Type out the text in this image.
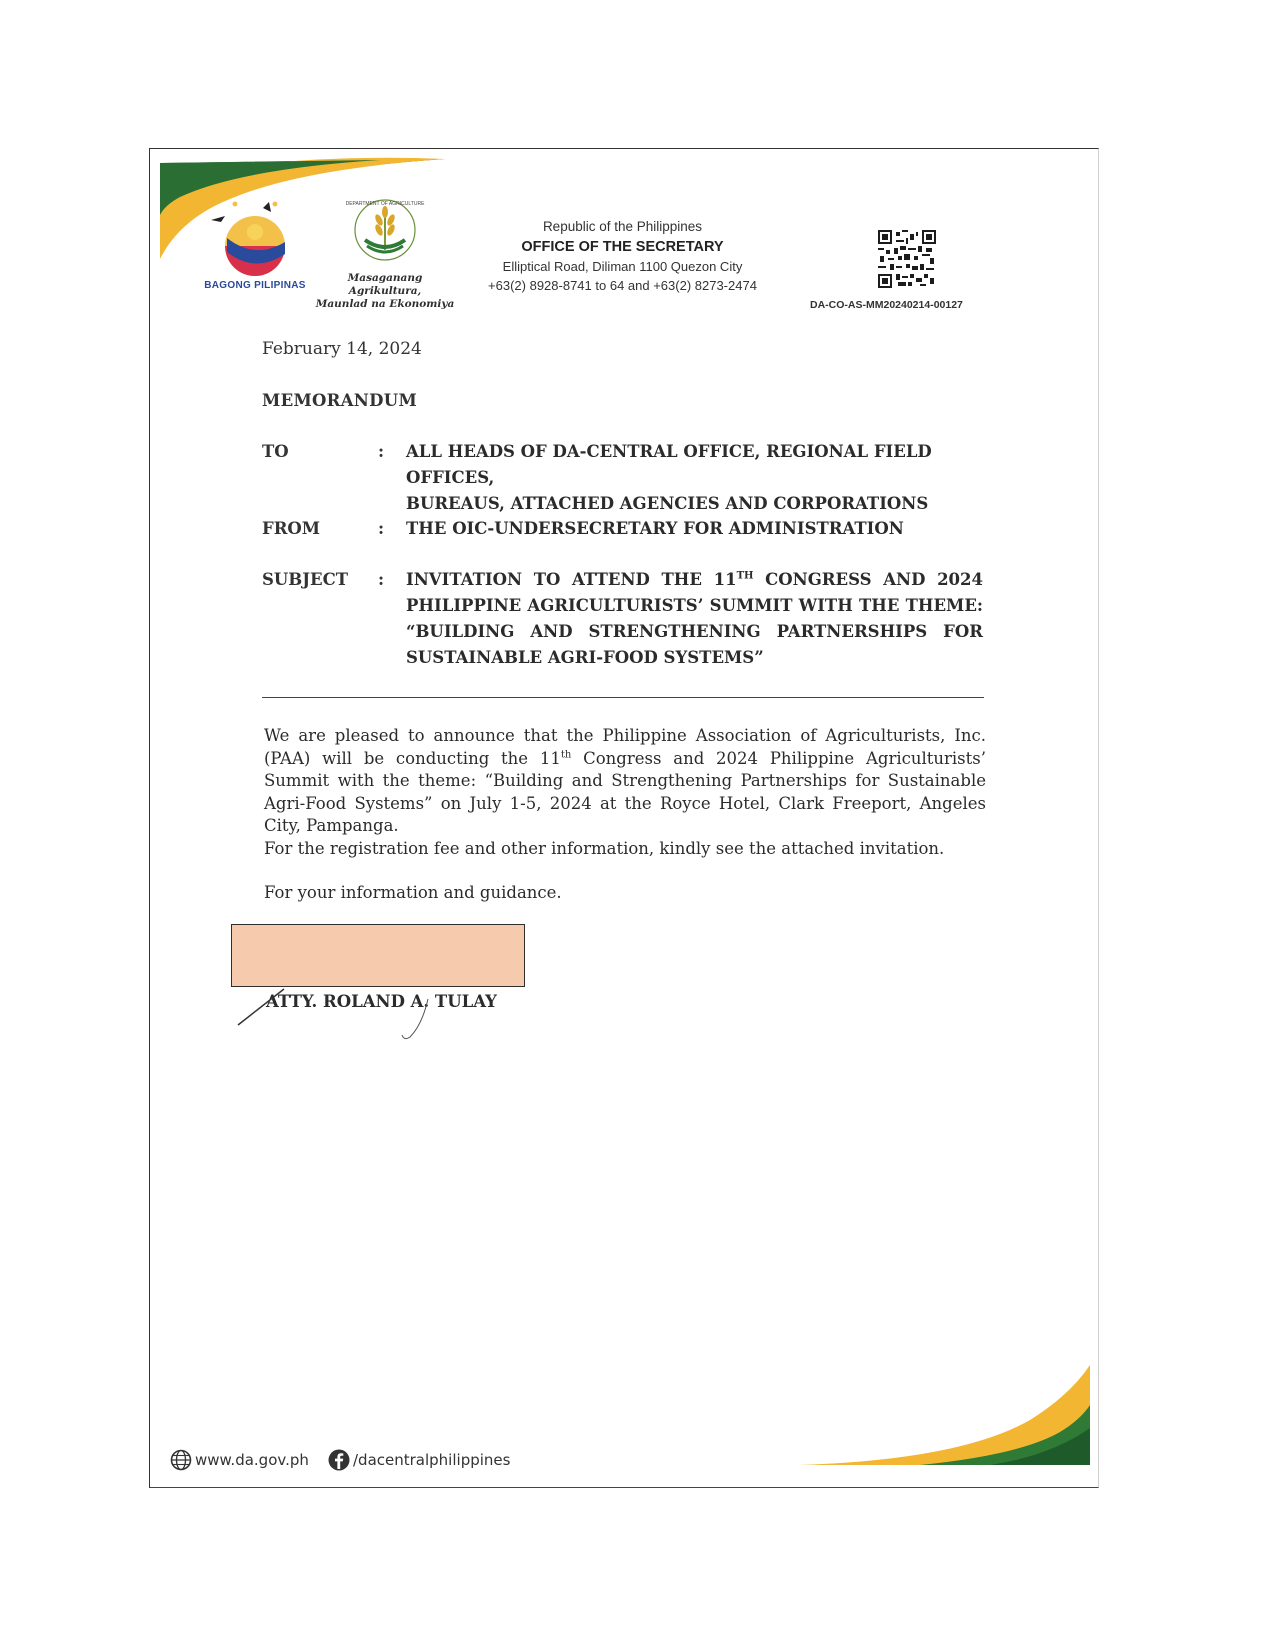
BAGONG PILIPINAS
DEPARTMENT OF AGRICULTURE
Masaganang Agrikultura,
Maunlad na Ekonomiya
Republic of the Philippines
OFFICE OF THE SECRETARY
Elliptical Road, Diliman 1100 Quezon City
+63(2) 8928-8741 to 64 and +63(2) 8273-2474
DA-CO-AS-MM20240214-00127
February 14, 2024
MEMORANDUM
TO	: ALL HEADS OF DA-CENTRAL OFFICE, REGIONAL FIELD OFFICES,
BUREAUS, ATTACHED AGENCIES AND CORPORATIONS
FROM	: THE OIC-UNDERSECRETARY FOR ADMINISTRATION
SUBJECT : INVITATION TO ATTEND THE 11TH CONGRESS AND 2024
PHILIPPINE AGRICULTURISTS’ SUMMIT WITH THE THEME:
“BUILDING AND STRENGTHENING PARTNERSHIPS FOR
SUSTAINABLE AGRI-FOOD SYSTEMS”
We are pleased to announce that the Philippine Association of Agriculturists, Inc. (PAA) will be conducting the 11th Congress and 2024 Philippine Agriculturists’ Summit with the theme: “Building and Strengthening Partnerships for Sustainable Agri-Food Systems” on July 1-5, 2024 at the Royce Hotel, Clark Freeport, Angeles City, Pampanga.
For the registration fee and other information, kindly see the attached invitation.
For your information and guidance.
ATTY. ROLAND A. TULAY
www.da.gov.ph	/dacentralphilippines
